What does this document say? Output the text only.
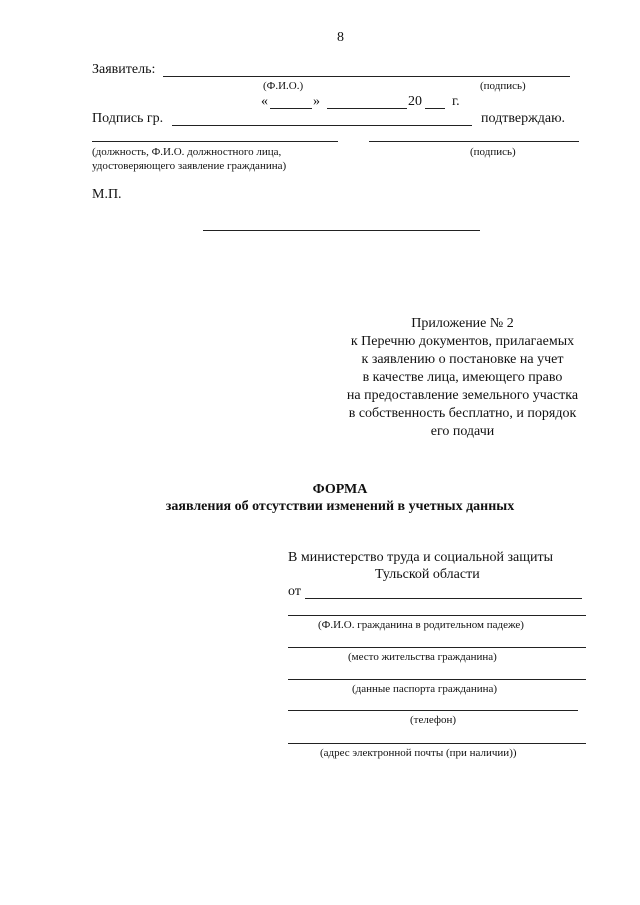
8
Заявитель:
(Ф.И.О.)	(подпись)
«	»	20 г.
Подпись гр.	подтверждаю.
(должность, Ф.И.О. должностного лица,
удостоверяющего заявление гражданина)
(подпись)
М.П.
Приложение № 2
к Перечню документов, прилагаемых
к заявлению о постановке на учет
в качестве лица, имеющего право
на предоставление земельного участка
в собственность бесплатно, и порядок
его подачи
ФОРМА
заявления об отсутствии изменений в учетных данных
В министерство труда и социальной защиты
Тульской области
от
(Ф.И.О. гражданина в родительном падеже)
(место жительства гражданина)
(данные паспорта гражданина)
(телефон)
(адрес электронной почты (при наличии))
